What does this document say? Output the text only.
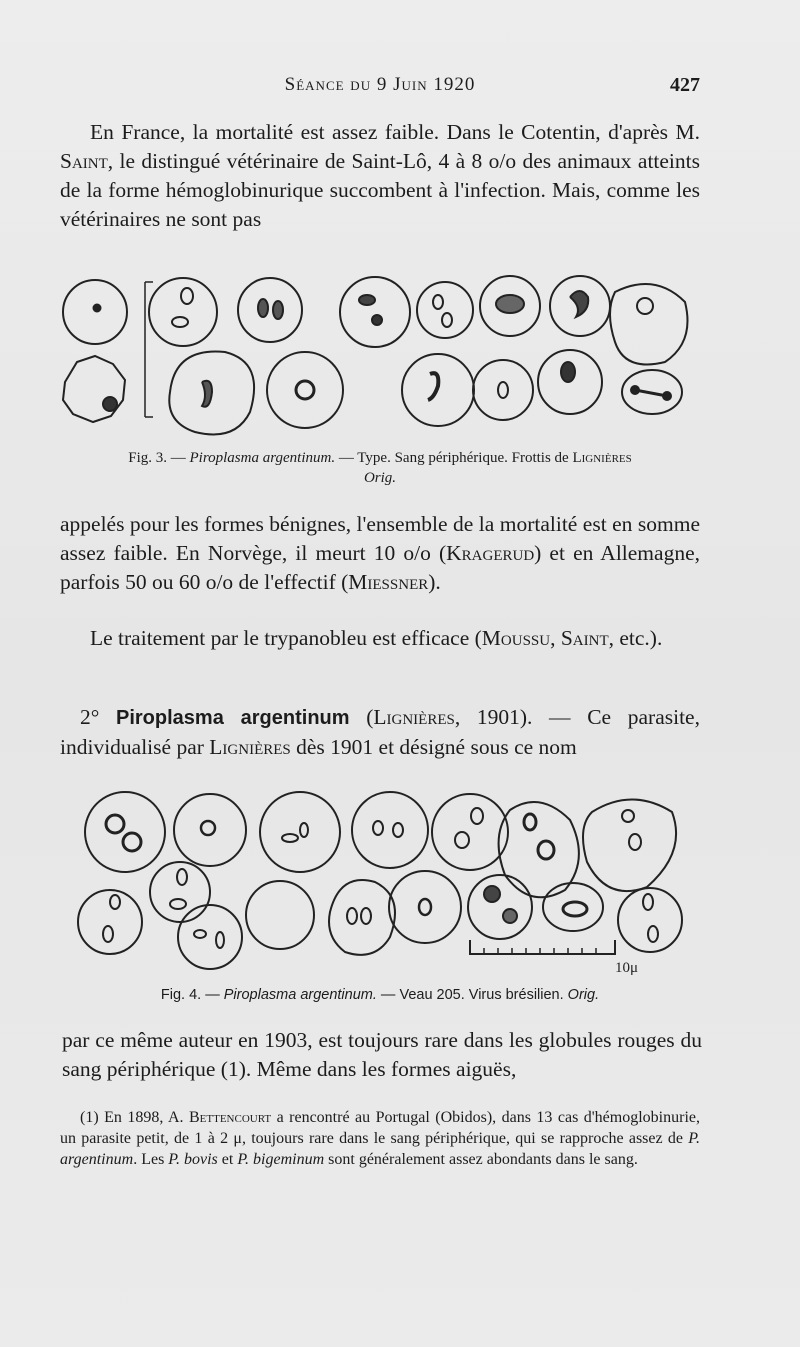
Séance du 9 Juin 1920	427

En France, la mortalité est assez faible. Dans le Cotentin, d'après M. Saint, le distingué vétérinaire de Saint-Lô, 4 à 8 o/o des animaux atteints de la forme hémoglobinurique succombent à l'infection. Mais, comme les vétérinaires ne sont pas

Fig. 3. — Piroplasma argentinum. — Type. Sang périphérique. Frottis de Lignières
Orig.

appelés pour les formes bénignes, l'ensemble de la mortalité est en somme assez faible. En Norvège, il meurt 10 o/o (Kragerud) et en Allemagne, parfois 50 ou 60 o/o de l'effectif (Miessner).

Le traitement par le trypanobleu est efficace (Moussu, Saint, etc.).

2° Piroplasma argentinum (Lignières, 1901). — Ce parasite, individualisé par Lignières dès 1901 et désigné sous ce nom

10μ
Fig. 4. — Piroplasma argentinum. — Veau 205. Virus brésilien. Orig.

par ce même auteur en 1903, est toujours rare dans les globules rouges du sang périphérique (1). Même dans les formes aiguës,

(1) En 1898, A. Bettencourt a rencontré au Portugal (Obidos), dans 13 cas d'hémoglobinurie, un parasite petit, de 1 à 2 μ, toujours rare dans le sang périphérique, qui se rapproche assez de P. argentinum. Les P. bovis et P. bigeminum sont généralement assez abondants dans le sang.
